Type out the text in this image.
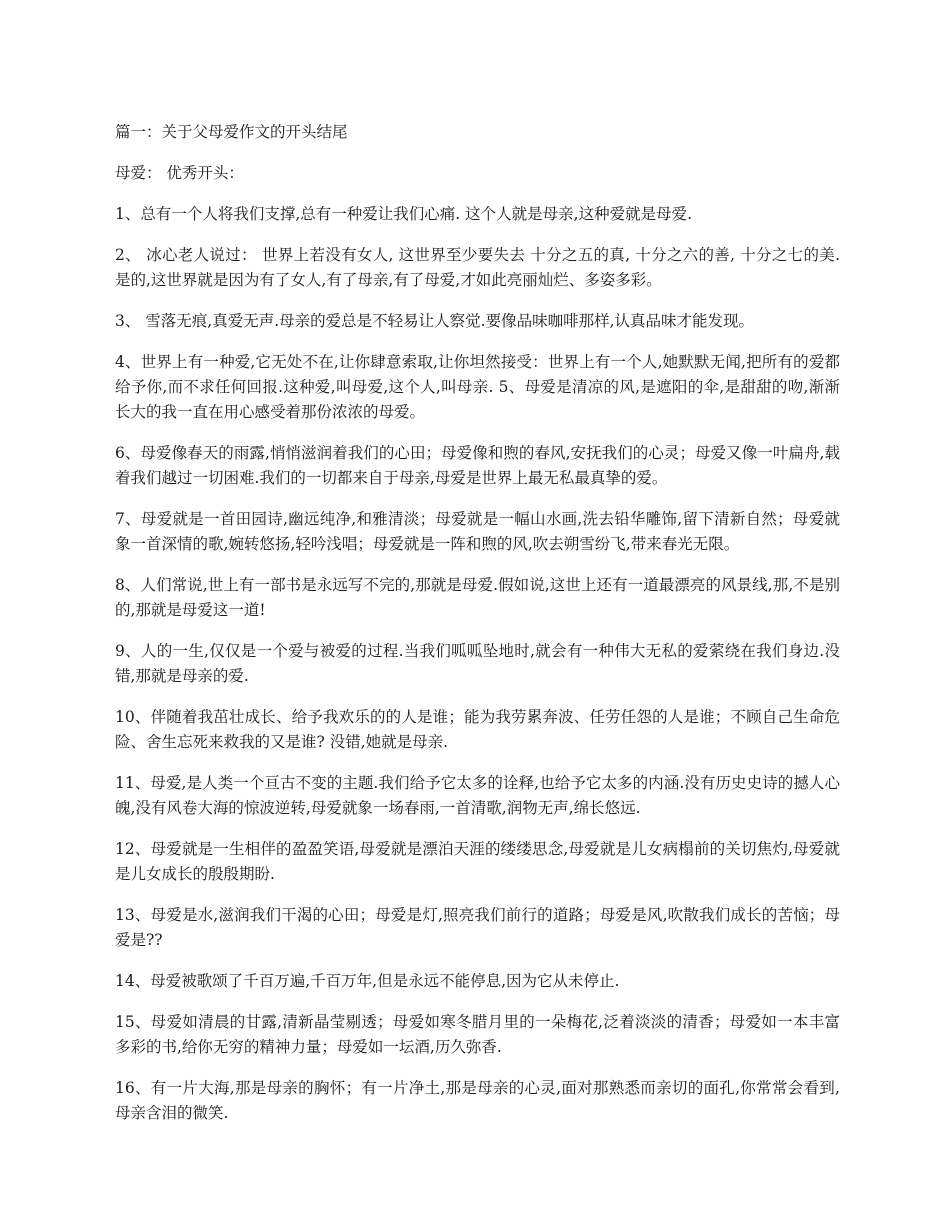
篇一：关于父母爱作文的开头结尾

母爱： 优秀开头：

1、总有一个人将我们支撑,总有一种爱让我们心痛. 这个人就是母亲,这种爱就是母爱.

2、 冰心老人说过： 世界上若没有女人, 这世界至少要失去 十分之五的真, 十分之六的善, 十分之七的美. 是的,这世界就是因为有了女人,有了母亲,有了母爱,才如此亮丽灿烂、多姿多彩。

3、 雪落无痕,真爱无声.母亲的爱总是不轻易让人察觉.要像品味咖啡那样,认真品味才能发现。

4、世界上有一种爱,它无处不在,让你肆意索取,让你坦然接受：世界上有一个人,她默默无闻,把所有的爱都给予你,而不求任何回报.这种爱,叫母爱,这个人,叫母亲. 5、母爱是清凉的风,是遮阳的伞,是甜甜的吻,渐渐长大的我一直在用心感受着那份浓浓的母爱。

6、母爱像春天的雨露,悄悄滋润着我们的心田；母爱像和煦的春风,安抚我们的心灵；母爱又像一叶扁舟,载着我们越过一切困难.我们的一切都来自于母亲,母爱是世界上最无私最真挚的爱。

7、母爱就是一首田园诗,幽远纯净,和雅清淡；母爱就是一幅山水画,洗去铅华雕饰,留下清新自然；母爱就象一首深情的歌,婉转悠扬,轻吟浅唱；母爱就是一阵和煦的风,吹去朔雪纷飞,带来春光无限。

8、人们常说,世上有一部书是永远写不完的,那就是母爱.假如说,这世上还有一道最漂亮的风景线,那,不是别的,那就是母爱这一道!

9、人的一生,仅仅是一个爱与被爱的过程.当我们呱呱坠地时,就会有一种伟大无私的爱萦绕在我们身边.没错,那就是母亲的爱.

10、伴随着我茁壮成长、给予我欢乐的的人是谁；能为我劳累奔波、任劳任怨的人是谁；不顾自己生命危险、舍生忘死来救我的又是谁? 没错,她就是母亲.

11、母爱,是人类一个亘古不变的主题.我们给予它太多的诠释,也给予它太多的内涵.没有历史史诗的撼人心魄,没有风卷大海的惊波逆转,母爱就象一场春雨,一首清歌,润物无声,绵长悠远.

12、母爱就是一生相伴的盈盈笑语,母爱就是漂泊天涯的缕缕思念,母爱就是儿女病榻前的关切焦灼,母爱就是儿女成长的殷殷期盼.

13、母爱是水,滋润我们干渴的心田；母爱是灯,照亮我们前行的道路；母爱是风,吹散我们成长的苦恼；母爱是??

14、母爱被歌颂了千百万遍,千百万年,但是永远不能停息,因为它从未停止.

15、母爱如清晨的甘露,清新晶莹剔透；母爱如寒冬腊月里的一朵梅花,泛着淡淡的清香；母爱如一本丰富多彩的书,给你无穷的精神力量；母爱如一坛酒,历久弥香.

16、有一片大海,那是母亲的胸怀；有一片净土,那是母亲的心灵,面对那熟悉而亲切的面孔,你常常会看到,母亲含泪的微笑.
